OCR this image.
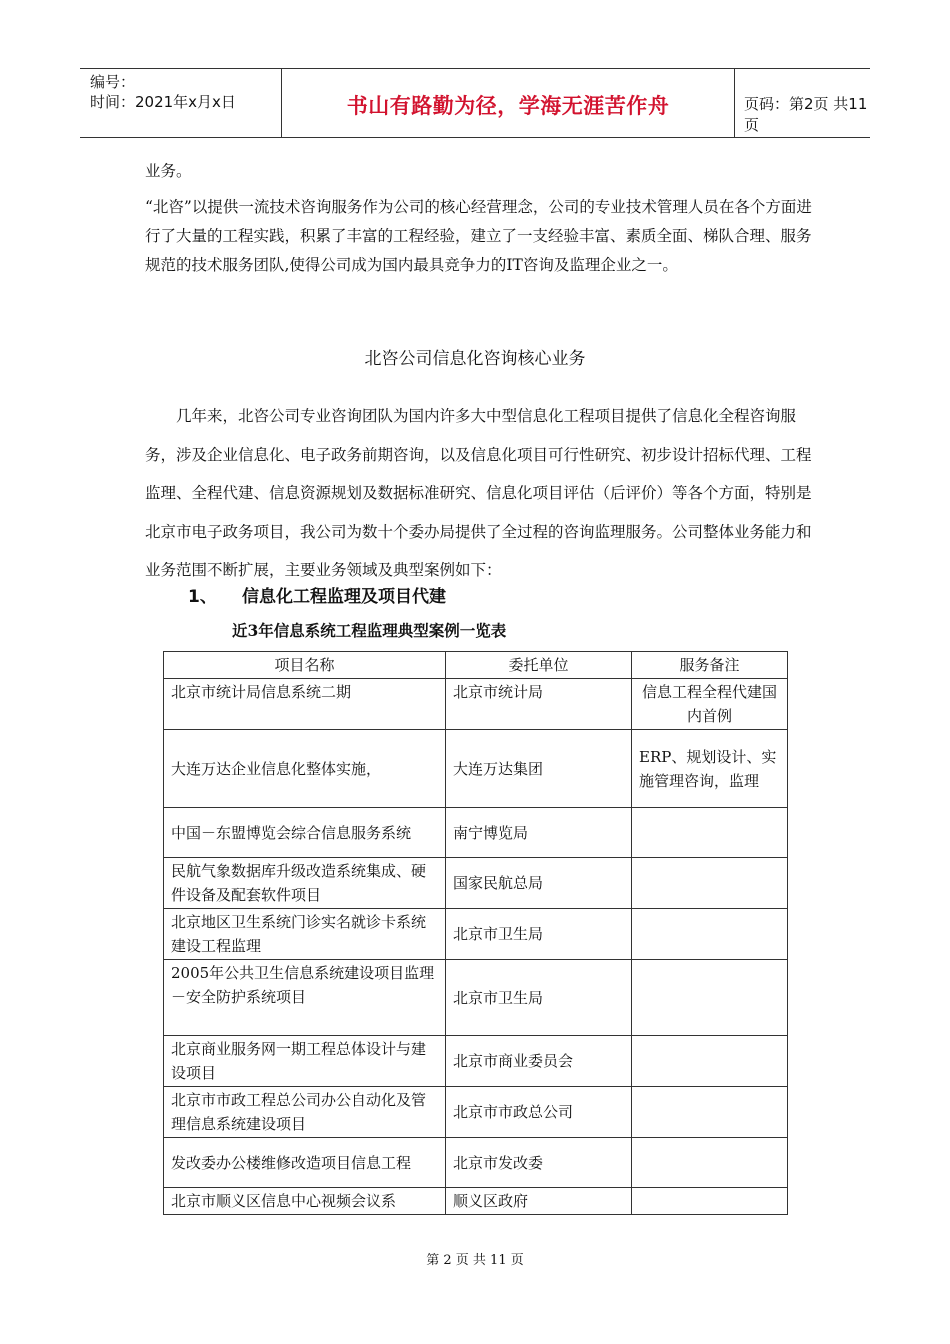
编号：
时间：2021年x月x日	书山有路勤为径，学海无涯苦作舟	页码：第2页 共11页
业务。
“北咨”以提供一流技术咨询服务作为公司的核心经营理念，公司的专业技术管理人员在各个方面进行了大量的工程实践，积累了丰富的工程经验，建立了一支经验丰富、素质全面、梯队合理、服务规范的技术服务团队,使得公司成为国内最具竞争力的IT咨询及监理企业之一。
北咨公司信息化咨询核心业务
几年来，北咨公司专业咨询团队为国内许多大中型信息化工程项目提供了信息化全程咨询服务，涉及企业信息化、电子政务前期咨询，以及信息化项目可行性研究、初步设计招标代理、工程监理、全程代建、信息资源规划及数据标准研究、信息化项目评估（后评价）等各个方面，特别是北京市电子政务项目，我公司为数十个委办局提供了全过程的咨询监理服务。公司整体业务能力和业务范围不断扩展，主要业务领域及典型案例如下：
1、 信息化工程监理及项目代建
近3年信息系统工程监理典型案例一览表
项目名称	委托单位	服务备注
北京市统计局信息系统二期	北京市统计局	信息工程全程代建国内首例
大连万达企业信息化整体实施，	大连万达集团	ERP、规划设计、实施管理咨询，监理
中国－东盟博览会综合信息服务系统	南宁博览局	
民航气象数据库升级改造系统集成、硬件设备及配套软件项目	国家民航总局	
北京地区卫生系统门诊实名就诊卡系统建设工程监理	北京市卫生局	
2005年公共卫生信息系统建设项目监理－安全防护系统项目	北京市卫生局	
北京商业服务网一期工程总体设计与建设项目	北京市商业委员会	
北京市市政工程总公司办公自动化及管理信息系统建设项目	北京市市政总公司	
发改委办公楼维修改造项目信息工程	北京市发改委	
北京市顺义区信息中心视频会议系	顺义区政府	
第 2 页 共 11 页
